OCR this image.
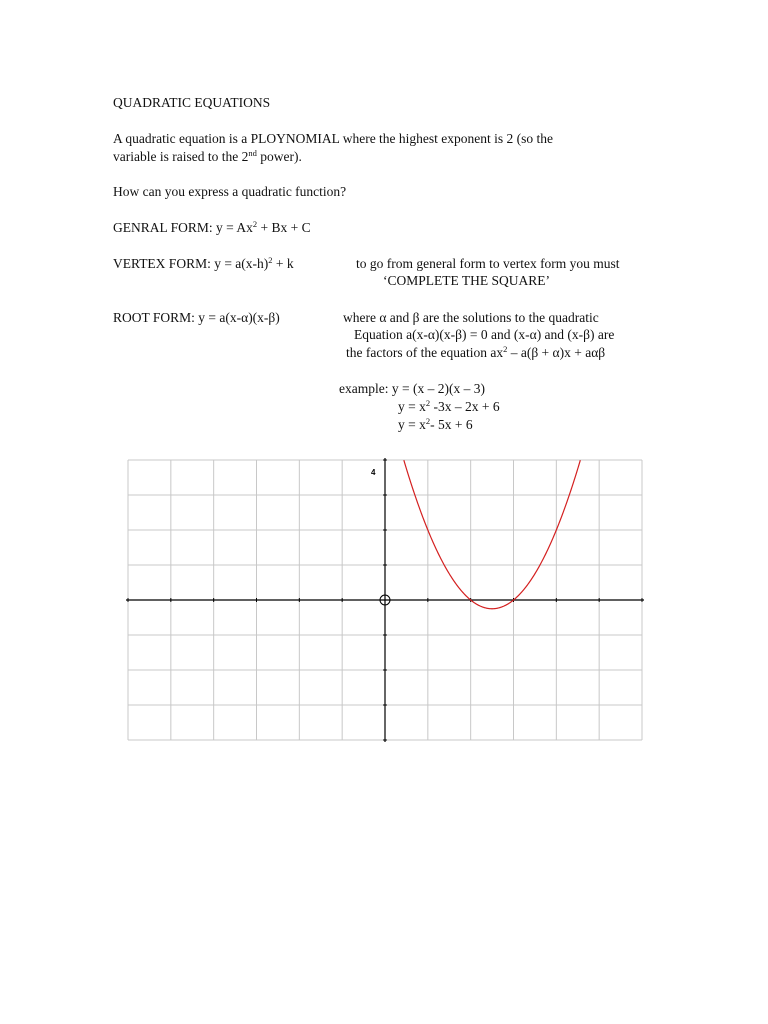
QUADRATIC EQUATIONS
A quadratic equation is a PLOYNOMIAL where the highest exponent is 2 (so the
variable is raised to the 2nd power).
How can you express a quadratic function?
GENRAL FORM: $y = Ax^2 + Bx + C$
VERTEX FORM: $y = a(x-h)^2 + k$	to go from general form to vertex form you must
‘COMPLETE THE SQUARE’
ROOT FORM: y = a(x-α)(x-β)	where α and β are the solutions to the quadratic
Equation a(x-α)(x-β) = 0 and (x-α) and (x-β) are
the factors of the equation $ax^2 - a(\beta + \alpha)x + a\alpha\beta$
example: y = (x – 2)(x – 3)
$y = x^2$ -3x – 2x + 6
$y = x^2-$ 5x + 6
4
